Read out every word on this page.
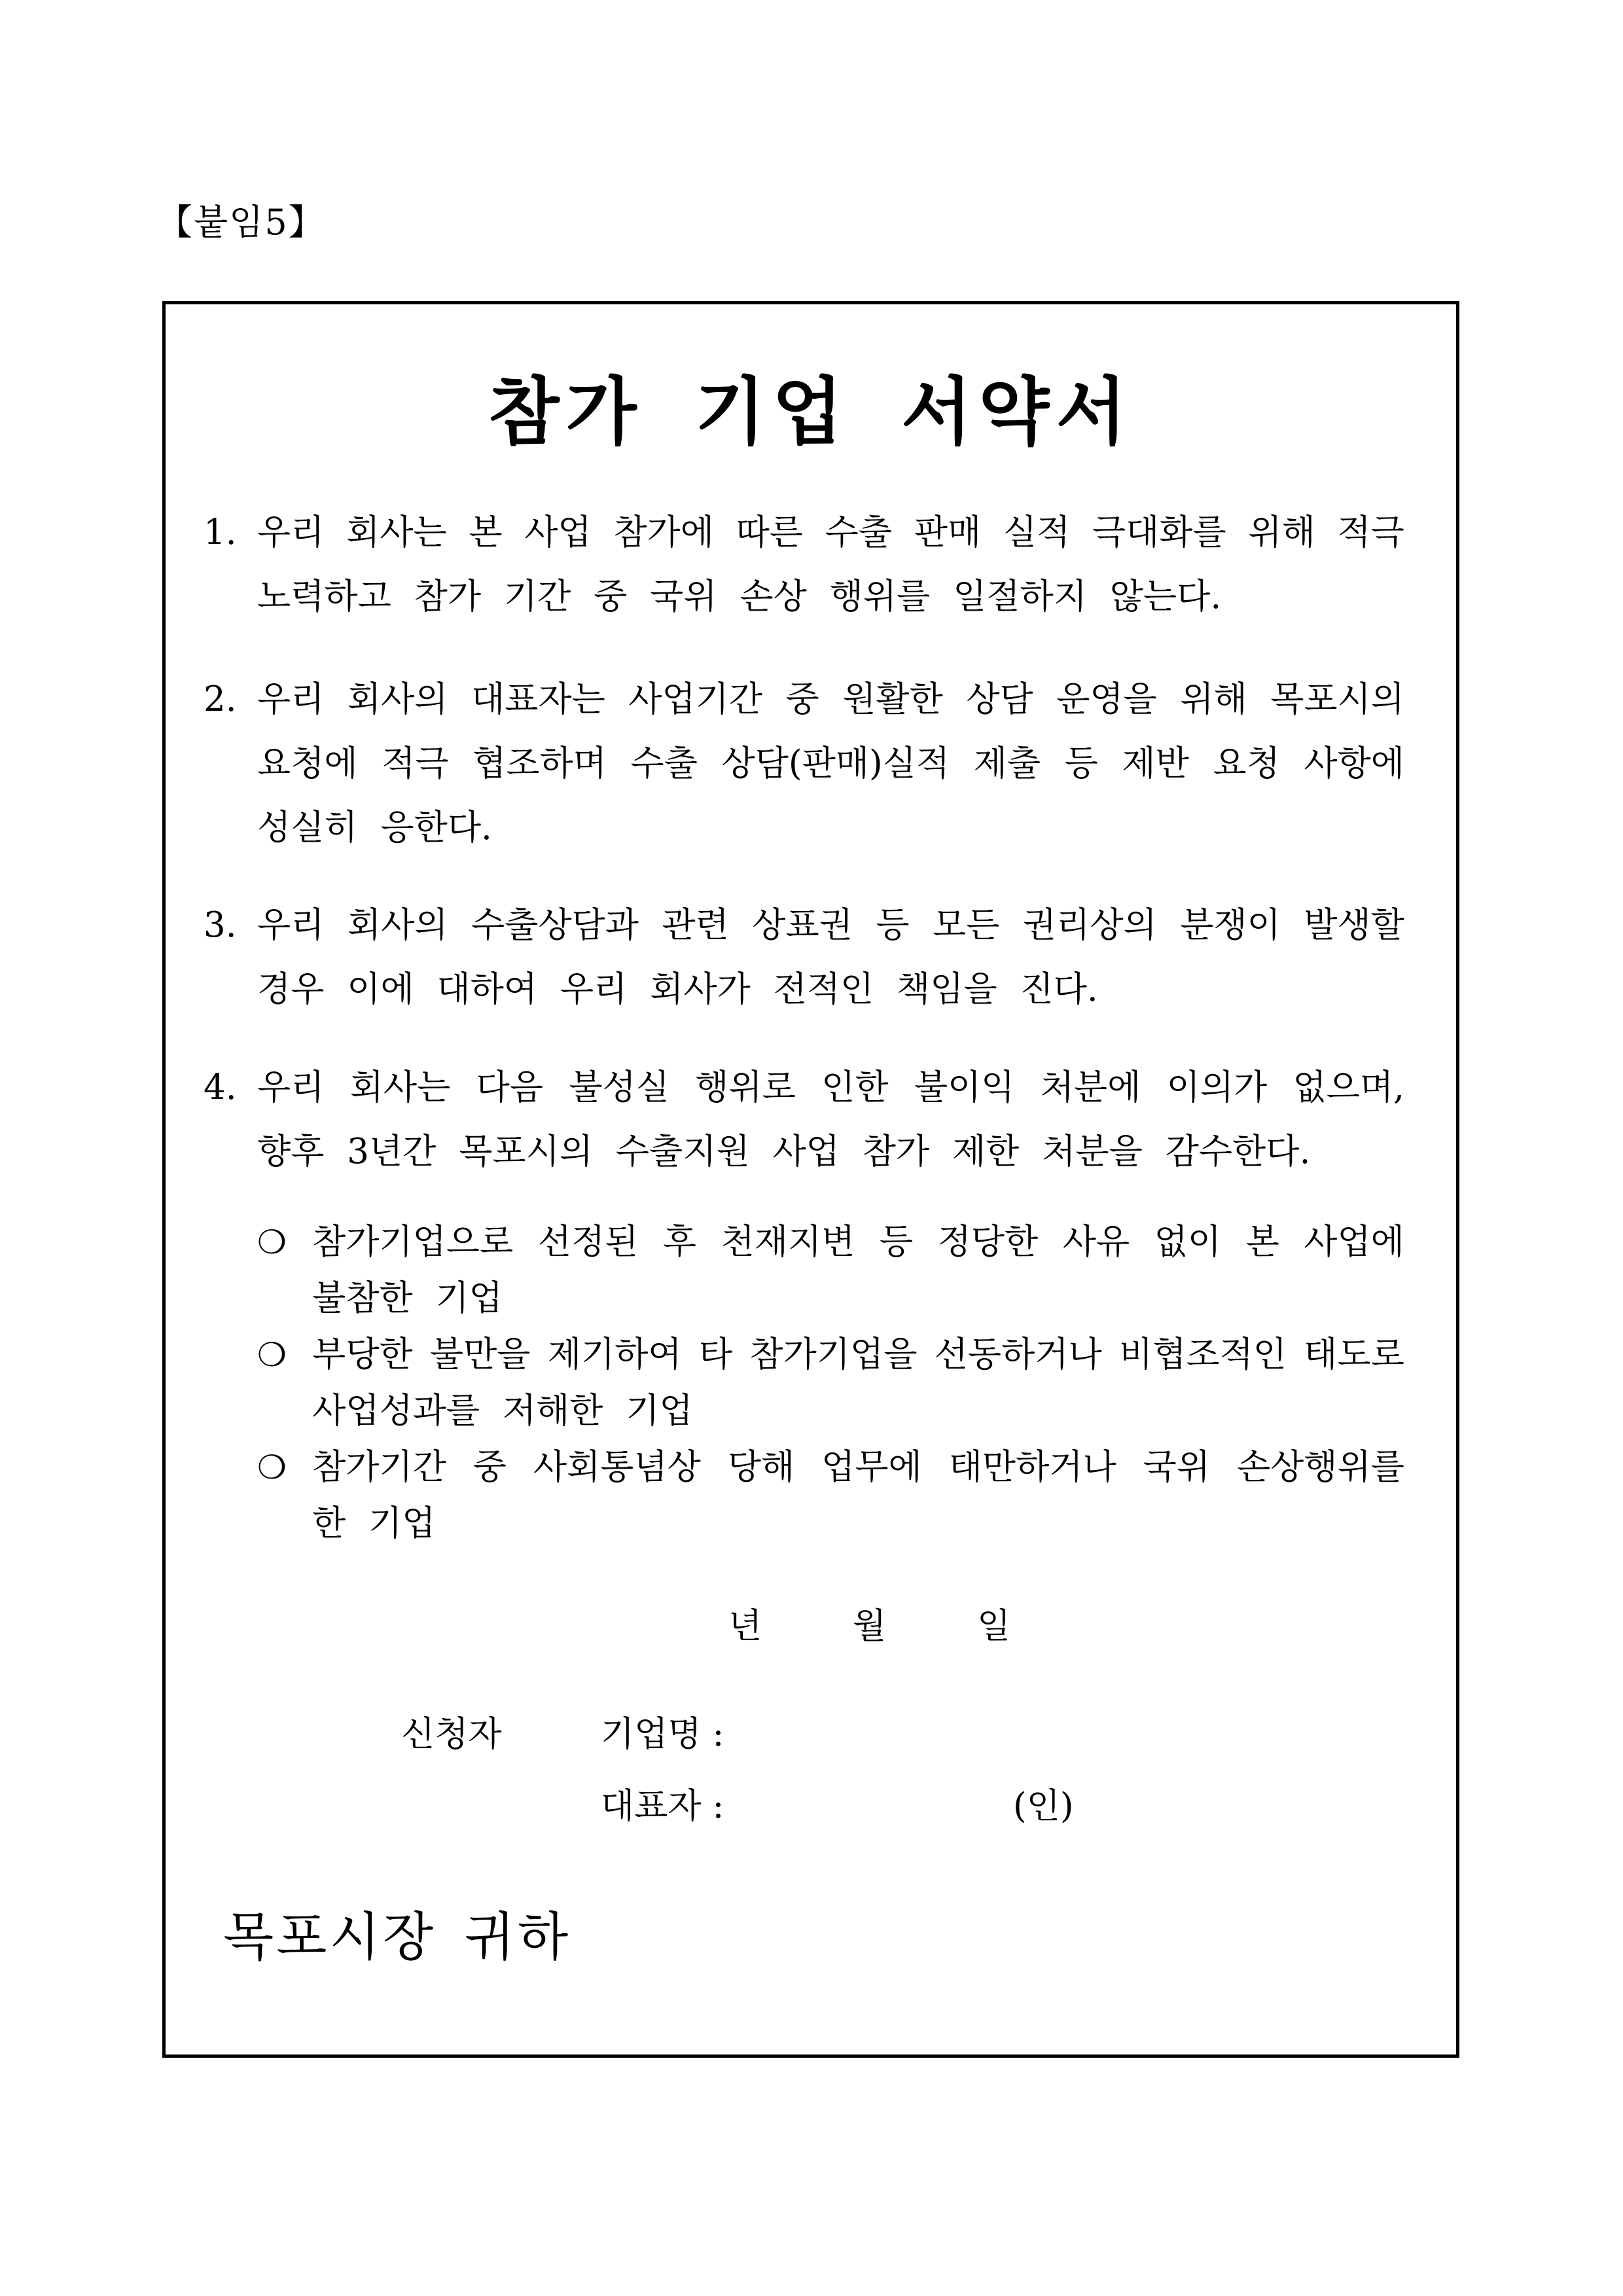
【붙임5】
참가 기업 서약서
1. 우리 회사는 본 사업 참가에 따른 수출 판매 실적 극대화를 위해 적극
노력하고 참가 기간 중 국위 손상 행위를 일절하지 않는다.
2. 우리 회사의 대표자는 사업기간 중 원활한 상담 운영을 위해 목포시의
요청에 적극 협조하며 수출 상담(판매)실적 제출 등 제반 요청 사항에
성실히 응한다.
3. 우리 회사의 수출상담과 관련 상표권 등 모든 권리상의 분쟁이 발생할
경우 이에 대하여 우리 회사가 전적인 책임을 진다.
4. 우리 회사는 다음 불성실 행위로 인한 불이익 처분에 이의가 없으며,
향후 3년간 목포시의 수출지원 사업 참가 제한 처분을 감수한다.
❍ 참가기업으로 선정된 후 천재지변 등 정당한 사유 없이 본 사업에
불참한 기업
❍ 부당한 불만을 제기하여 타 참가기업을 선동하거나 비협조적인 태도로
사업성과를 저해한 기업
❍ 참가기간 중 사회통념상 당해 업무에 태만하거나 국위 손상행위를
한 기업
년	월	일
신청자	기업명 :
대표자 :	(인)
목포시장 귀하
